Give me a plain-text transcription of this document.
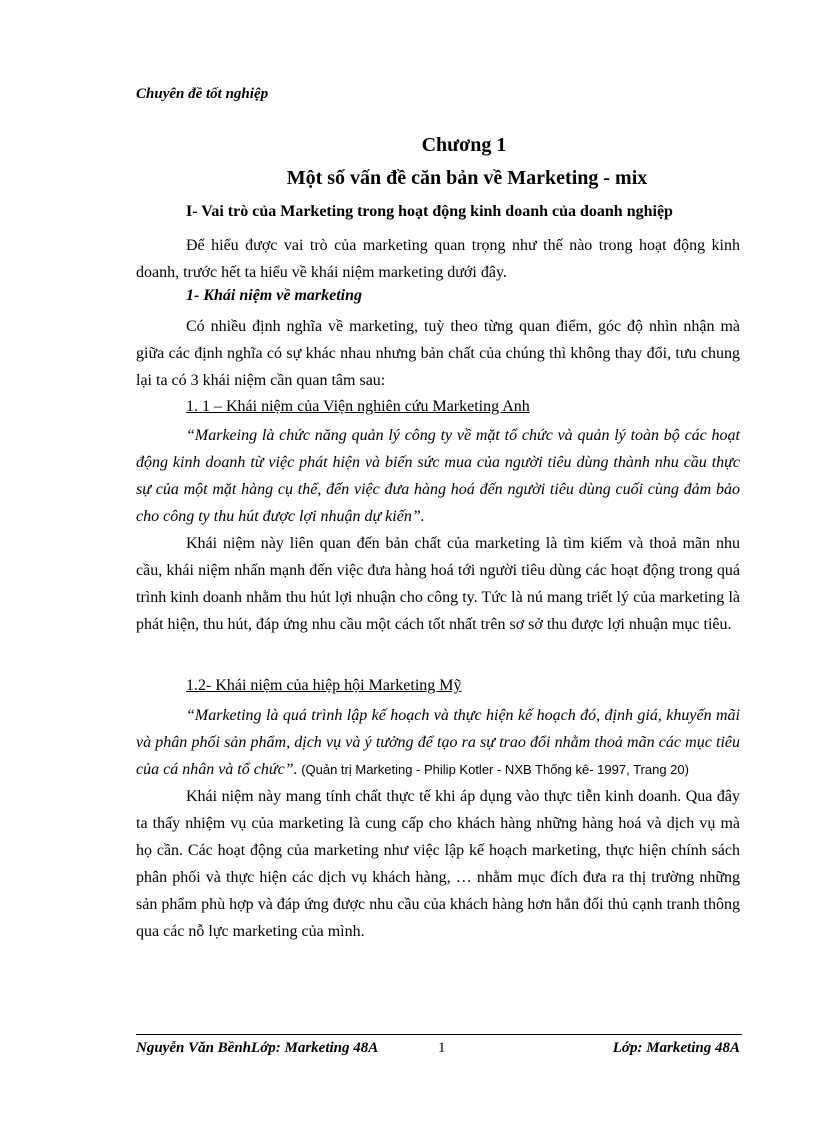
Chuyên đề tốt nghiệp
Chương 1
Một số vấn đề căn bản về Marketing - mix
I- Vai trò của Marketing trong hoạt động kinh doanh của doanh nghiệp

Để hiểu được vai trò của marketing quan trọng như thế nào trong hoạt động kinh doanh, trước hết ta hiểu về khái niệm marketing dưới đây.

1- Khái niệm về marketing

Có nhiều định nghĩa về marketing, tuỳ theo từng quan điểm, góc độ nhìn nhận mà giữa các định nghĩa có sự khác nhau nhưng bản chất của chúng thì không thay đổi, tưu chung lại ta có 3 khái niệm cần quan tâm sau:

1. 1 – Khái niệm của Viện nghiên cứu Marketing Anh

“Markeing là chức năng quản lý công ty về mặt tổ chức và quản lý toàn bộ các hoạt động kinh doanh từ việc phát hiện và biến sức mua của người tiêu dùng thành nhu cầu thực sự của một mặt hàng cụ thể, đến việc đưa hàng hoá đến người tiêu dùng cuối cùng đảm bảo cho công ty thu hút được lợi nhuận dự kiến”.

Khái niệm này liên quan đến bản chất của marketing là tìm kiếm và thoả mãn nhu cầu, khái niệm nhấn mạnh đến việc đưa hàng hoá tới người tiêu dùng các hoạt động trong quá trình kinh doanh nhằm thu hút lợi nhuận cho công ty. Tức là nú mang triết lý của marketing là phát hiện, thu hút, đáp ứng nhu cầu một cách tốt nhất trên sơ sở thu được lợi nhuận mục tiêu.

1.2- Khái niệm của hiệp hội Marketing Mỹ

“Marketing là quá trình lập kế hoạch và thực hiện kế hoạch đó, định giá, khuyến mãi và phân phối sản phẩm, dịch vụ và ý tưởng để tạo ra sự trao đổi nhằm thoả mãn các mục tiêu của cá nhân và tổ chức”. (Quản trị Marketing - Philip Kotler - NXB Thống kê- 1997, Trang 20)

Khái niệm này mang tính chất thực tế khi áp dụng vào thực tiễn kinh doanh. Qua đây ta thấy nhiệm vụ của marketing là cung cấp cho khách hàng những hàng hoá và dịch vụ mà họ cần. Các hoạt động của marketing như việc lập kế hoạch marketing, thực hiện chính sách phân phối và thực hiện các dịch vụ khách hàng, … nhằm mục đích đưa ra thị trường những sản phẩm phù hợp và đáp ứng được nhu cầu của khách hàng hơn hẳn đối thủ cạnh tranh thông qua các nỗ lực marketing của mình.

Nguyễn Văn BềnhLớp: Marketing 48A	1	Lớp: Marketing 48A
